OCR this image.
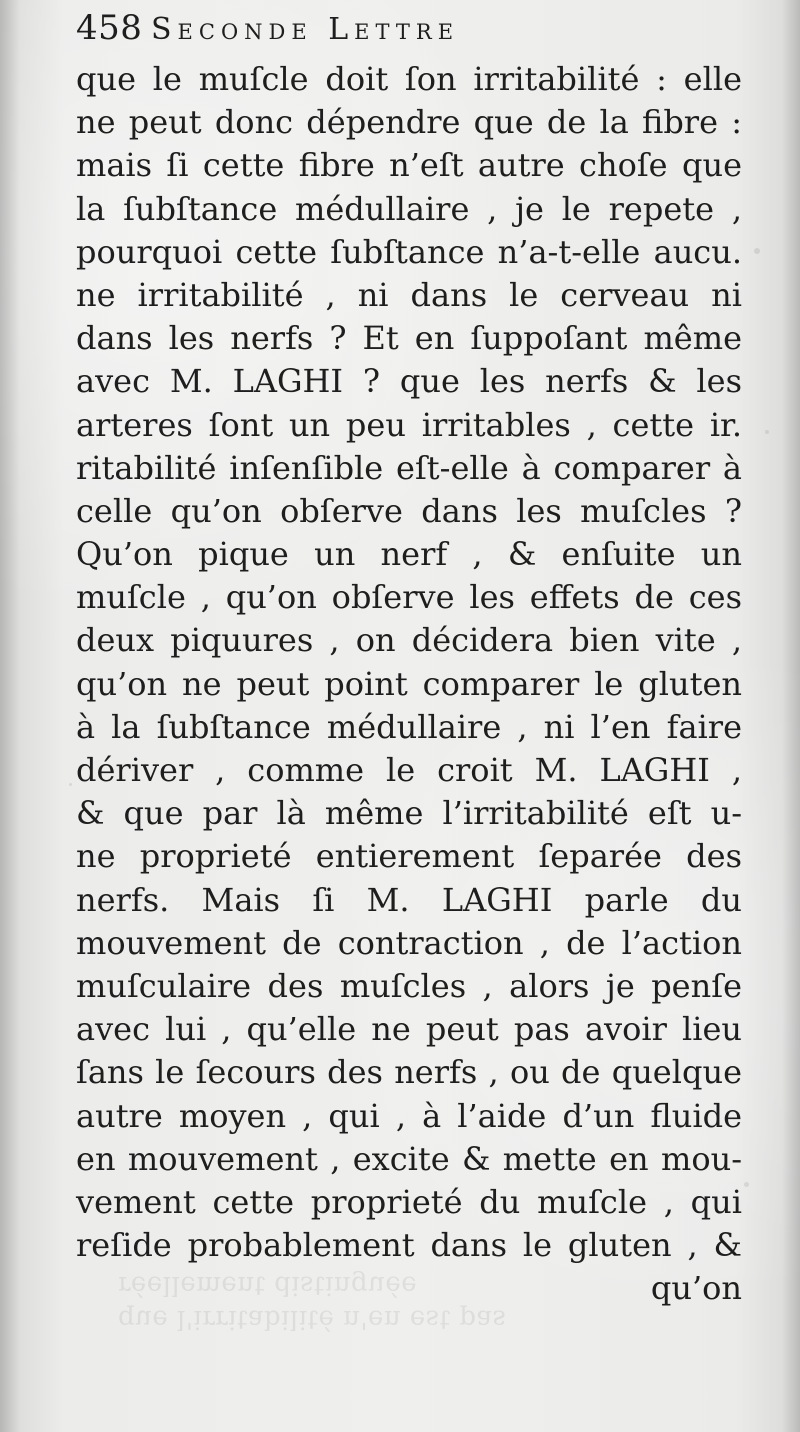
458 Seconde Lettre
que le muſcle doit ſon irritabilité : elle
ne peut donc dépendre que de la fibre :
mais ſi cette fibre n’eſt autre choſe que
la ſubſtance médullaire , je le repete ,
pourquoi cette ſubſtance n’a-t-elle aucu.
ne irritabilité , ni dans le cerveau ni
dans les nerfs ? Et en ſuppoſant même
avec M. LAGHI ? que les nerfs & les
arteres ſont un peu irritables , cette ir.
ritabilité inſenſible eſt-elle à comparer à
celle qu’on obſerve dans les muſcles ?
Qu’on pique un nerf , & enſuite un
muſcle , qu’on obſerve les effets de ces
deux piquures , on décidera bien vite ,
qu’on ne peut point comparer le gluten
à la ſubſtance médullaire , ni l’en faire
dériver , comme le croit M. LAGHI ,
& que par là même l’irritabilité eſt u-
ne proprieté entierement ſeparée des
nerfs. Mais ſi M. LAGHI parle du
mouvement de contraction , de l’action
muſculaire des muſcles , alors je penſe
avec lui , qu’elle ne peut pas avoir lieu
ſans le ſecours des nerfs , ou de quelque
autre moyen , qui , à l’aide d’un fluide
en mouvement , excite & mette en mou-
vement cette proprieté du muſcle , qui
reſide probablement dans le gluten , &
qu’on
que l'irritabilité n'en est pas
réellement distinguée
